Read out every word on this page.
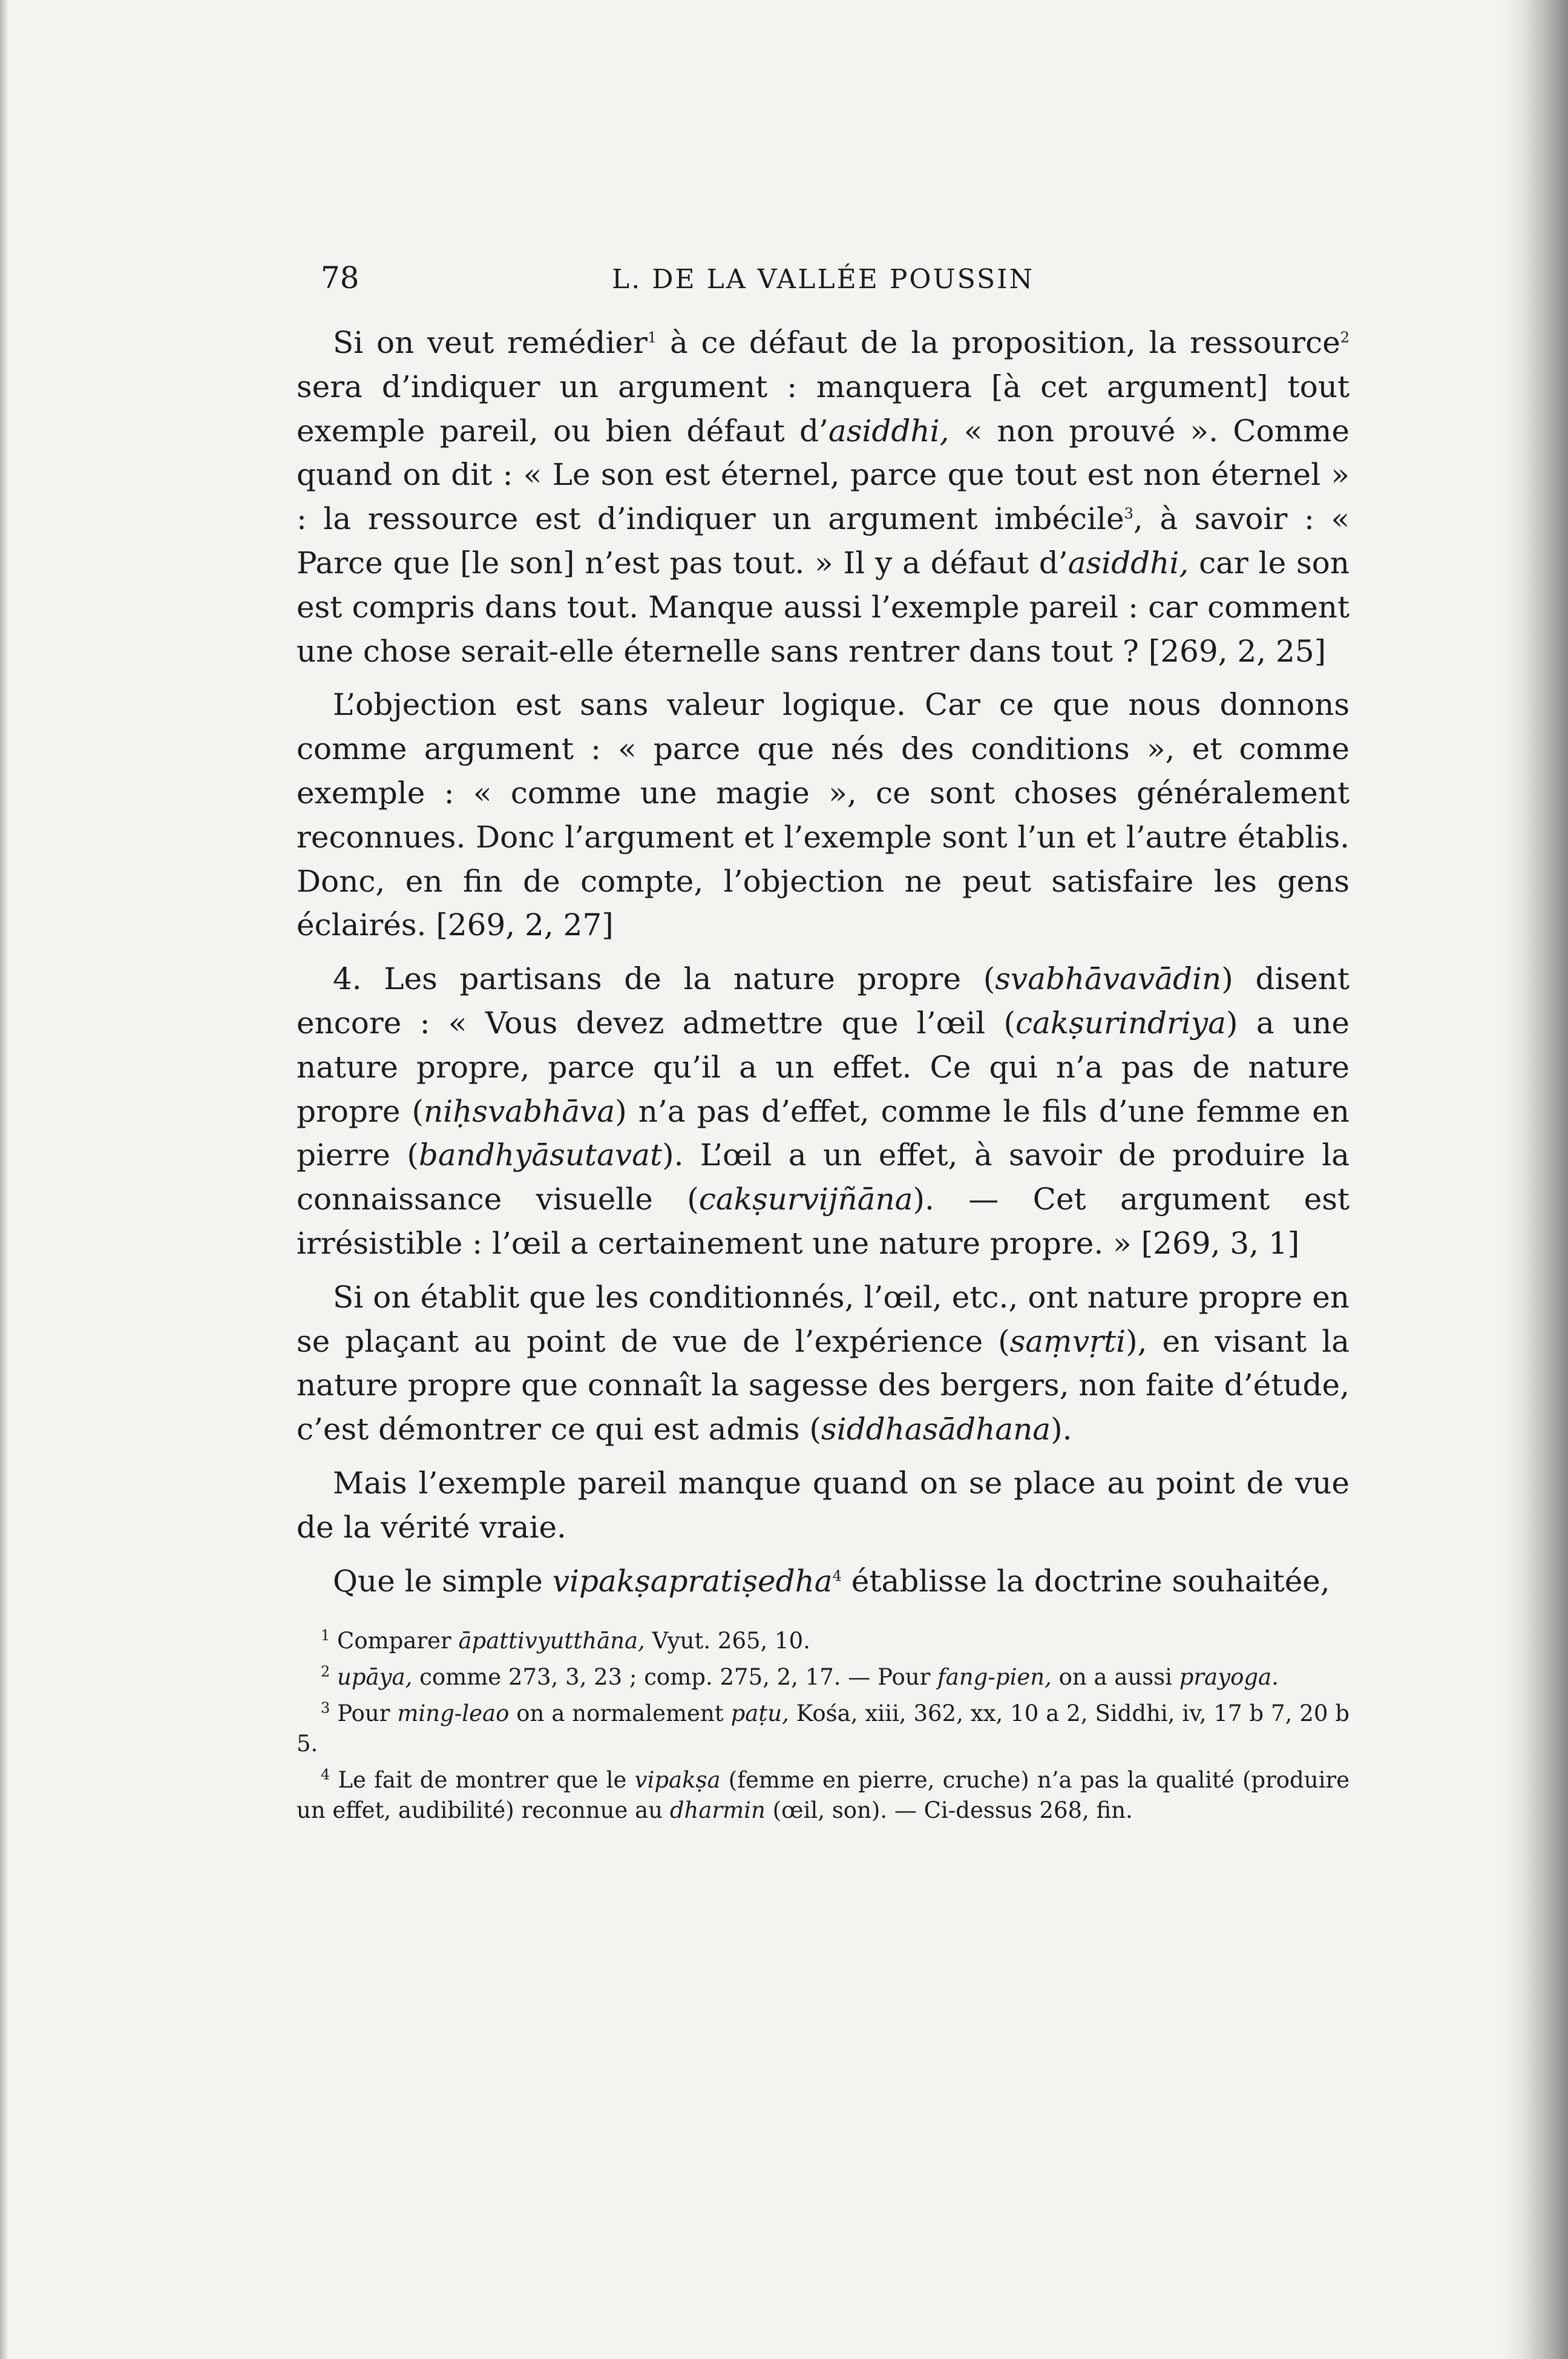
78	L. DE LA VALLÉE POUSSIN

Si on veut remédier$^1$ à ce défaut de la proposition, la ressource$^2$ sera d’indiquer un argument : manquera [à cet argument] tout exemple pareil, ou bien défaut d’asiddhi, « non prouvé ». Comme quand on dit : « Le son est éternel, parce que tout est non éternel » : la ressource est d’indiquer un argument imbécile$^3$, à savoir : « Parce que [le son] n’est pas tout. » Il y a défaut d’asiddhi, car le son est compris dans tout. Manque aussi l’exemple pareil : car comment une chose serait-elle éternelle sans rentrer dans tout ? [269, 2, 25]

L’objection est sans valeur logique. Car ce que nous donnons comme argument : « parce que nés des conditions », et comme exemple : « comme une magie », ce sont choses généralement reconnues. Donc l’argument et l’exemple sont l’un et l’autre établis. Donc, en fin de compte, l’objection ne peut satisfaire les gens éclairés. [269, 2, 27]

4. Les partisans de la nature propre (svabhāvavādin) disent encore : « Vous devez admettre que l’œil (cakṣurindriya) a une nature propre, parce qu’il a un effet. Ce qui n’a pas de nature propre (niḥsvabhāva) n’a pas d’effet, comme le fils d’une femme en pierre (bandhyāsutavat). L’œil a un effet, à savoir de produire la connaissance visuelle (cakṣurvijñāna). — Cet argument est irrésistible : l’œil a certainement une nature propre. » [269, 3, 1]

Si on établit que les conditionnés, l’œil, etc., ont nature propre en se plaçant au point de vue de l’expérience (saṃvṛti), en visant la nature propre que connaît la sagesse des bergers, non faite d’étude, c’est démontrer ce qui est admis (siddhasādhana).

Mais l’exemple pareil manque quand on se place au point de vue de la vérité vraie.

Que le simple vipakṣapratiṣedha$^4$ établisse la doctrine souhaitée,

$^1$ Comparer āpattivyutthāna, Vyut. 265, 10.

$^2$ upāya, comme 273, 3, 23 ; comp. 275, 2, 17. — Pour fang-pien, on a aussi prayoga.

$^3$ Pour ming-leao on a normalement paṭu, Kośa, xiii, 362, xx, 10 a 2, Siddhi, iv, 17 b 7, 20 b 5.

$^4$ Le fait de montrer que le vipakṣa (femme en pierre, cruche) n’a pas la qualité (produire un effet, audibilité) reconnue au dharmin (œil, son). — Ci-dessus 268, fin.
